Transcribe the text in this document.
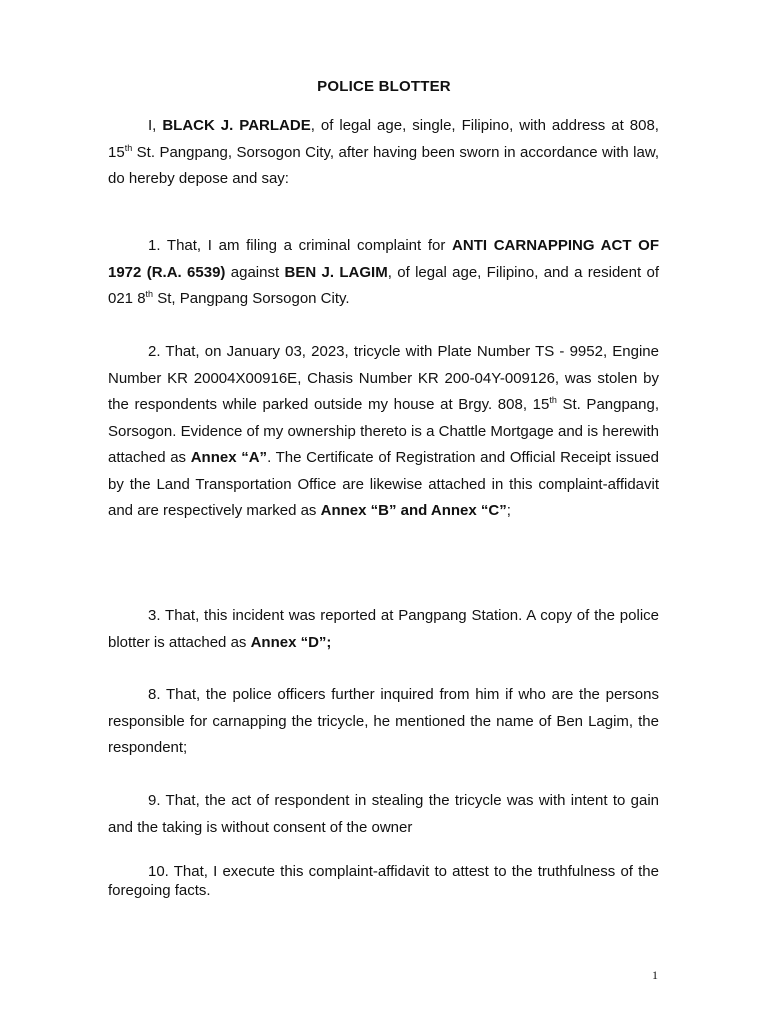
POLICE BLOTTER

I, BLACK J. PARLADE, of legal age, single, Filipino, with address at 808, 15th St. Pangpang, Sorsogon City, after having been sworn in accordance with law, do hereby depose and say:

1. That, I am filing a criminal complaint for ANTI CARNAPPING ACT OF 1972 (R.A. 6539) against BEN J. LAGIM, of legal age, Filipino, and a resident of 021 8th St, Pangpang Sorsogon City.

2. That, on January 03, 2023, tricycle with Plate Number TS - 9952, Engine Number KR 20004X00916E, Chasis Number KR 200-04Y-009126, was stolen by the respondents while parked outside my house at Brgy. 808, 15th St. Pangpang, Sorsogon. Evidence of my ownership thereto is a Chattle Mortgage and is herewith attached as Annex “A”. The Certificate of Registration and Official Receipt issued by the Land Transportation Office are likewise attached in this complaint-affidavit and are respectively marked as Annex “B” and Annex “C”;

3. That, this incident was reported at Pangpang Station. A copy of the police blotter is attached as Annex “D”;

8. That, the police officers further inquired from him if who are the persons responsible for carnapping the tricycle, he mentioned the name of Ben Lagim, the respondent;

9. That, the act of respondent in stealing the tricycle was with intent to gain and the taking is without consent of the owner

10. That, I execute this complaint-affidavit to attest to the truthfulness of the foregoing facts.

1
